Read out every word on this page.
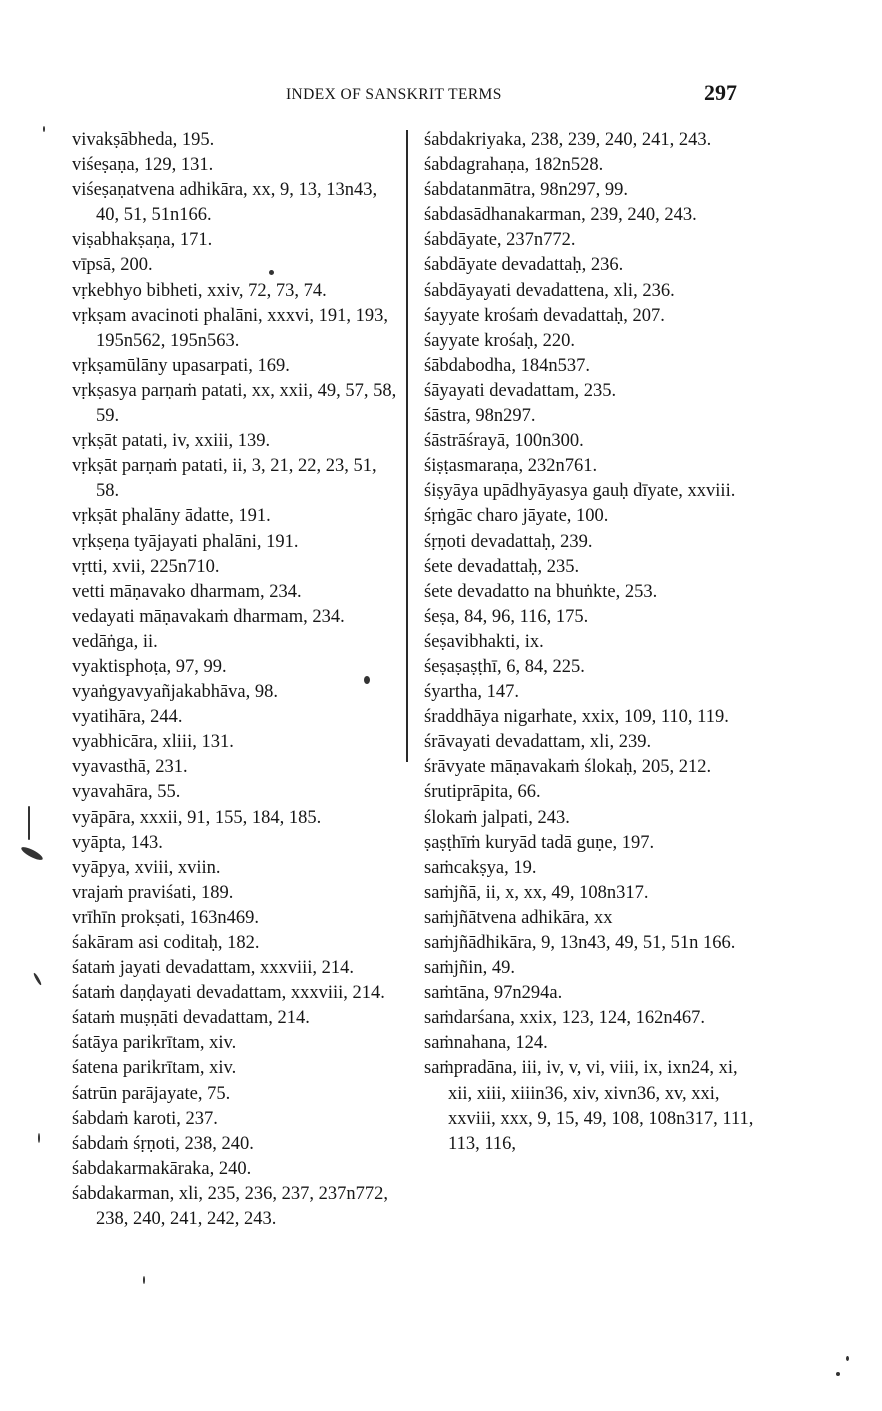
INDEX OF SANSKRIT TERMS	297
vivakṣābheda, 195.
viśeṣaṇa, 129, 131.
viśeṣaṇatvena adhikāra, xx, 9, 13, 13n43, 40, 51, 51n166.
viṣabhakṣaṇa, 171.
vīpsā, 200.
vṛkebhyo bibheti, xxiv, 72, 73, 74.
vṛkṣam avacinoti phalāni, xxxvi, 191, 193, 195n562, 195n563.
vṛkṣamūlāny upasarpati, 169.
vṛkṣasya parṇaṁ patati, xx, xxii, 49, 57, 58, 59.
vṛkṣāt patati, iv, xxiii, 139.
vṛkṣāt parṇaṁ patati, ii, 3, 21, 22, 23, 51, 58.
vṛkṣāt phalāny ādatte, 191.
vṛkṣeṇa tyājayati phalāni, 191.
vṛtti, xvii, 225n710.
vetti māṇavako dharmam, 234.
vedayati māṇavakaṁ dharmam, 234.
vedāṅga, ii.
vyaktisphoṭa, 97, 99.
vyaṅgyavyañjakabhāva, 98.
vyatihāra, 244.
vyabhicāra, xliii, 131.
vyavasthā, 231.
vyavahāra, 55.
vyāpāra, xxxii, 91, 155, 184, 185.
vyāpta, 143.
vyāpya, xviii, xviin.
vrajaṁ praviśati, 189.
vrīhīn prokṣati, 163n469.
śakāram asi coditaḥ, 182.
śataṁ jayati devadattam, xxxviii, 214.
śataṁ daṇḍayati devadattam, xxxviii, 214.
śataṁ muṣṇāti devadattam, 214.
śatāya parikrītam, xiv.
śatena parikrītam, xiv.
śatrūn parājayate, 75.
śabdaṁ karoti, 237.
śabdaṁ śṛṇoti, 238, 240.
śabdakarmakāraka, 240.
śabdakarman, xli, 235, 236, 237, 237n772, 238, 240, 241, 242, 243.
śabdakriyaka, 238, 239, 240, 241, 243.
śabdagrahaṇa, 182n528.
śabdatanmātra, 98n297, 99.
śabdasādhanakarman, 239, 240, 243.
śabdāyate, 237n772.
śabdāyate devadattaḥ, 236.
śabdāyayati devadattena, xli, 236.
śayyate krośaṁ devadattaḥ, 207.
śayyate krośaḥ, 220.
śābdabodha, 184n537.
śāyayati devadattam, 235.
śāstra, 98n297.
śāstrāśrayā, 100n300.
śiṣṭasmaraṇa, 232n761.
śiṣyāya upādhyāyasya gauḥ dīyate, xxviii.
śṛṅgāc charo jāyate, 100.
śṛṇoti devadattaḥ, 239.
śete devadattaḥ, 235.
śete devadatto na bhuṅkte, 253.
śeṣa, 84, 96, 116, 175.
śeṣavibhakti, ix.
śeṣaṣaṣṭhī, 6, 84, 225.
śyartha, 147.
śraddhāya nigarhate, xxix, 109, 110, 119.
śrāvayati devadattam, xli, 239.
śrāvyate māṇavakaṁ ślokaḥ, 205, 212.
śrutiprāpita, 66.
ślokaṁ jalpati, 243.
ṣaṣṭhīṁ kuryād tadā guṇe, 197.
saṁcakṣya, 19.
saṁjñā, ii, x, xx, 49, 108n317.
saṁjñātvena adhikāra, xx
saṁjñādhikāra, 9, 13n43, 49, 51, 51n 166.
saṁjñin, 49.
saṁtāna, 97n294a.
saṁdarśana, xxix, 123, 124, 162n467.
saṁnahana, 124.
saṁpradāna, iii, iv, v, vi, viii, ix, ixn24, xi, xii, xiii, xiiin36, xiv, xivn36, xv, xxi, xxviii, xxx, 9, 15, 49, 108, 108n317, 111, 113, 116,
